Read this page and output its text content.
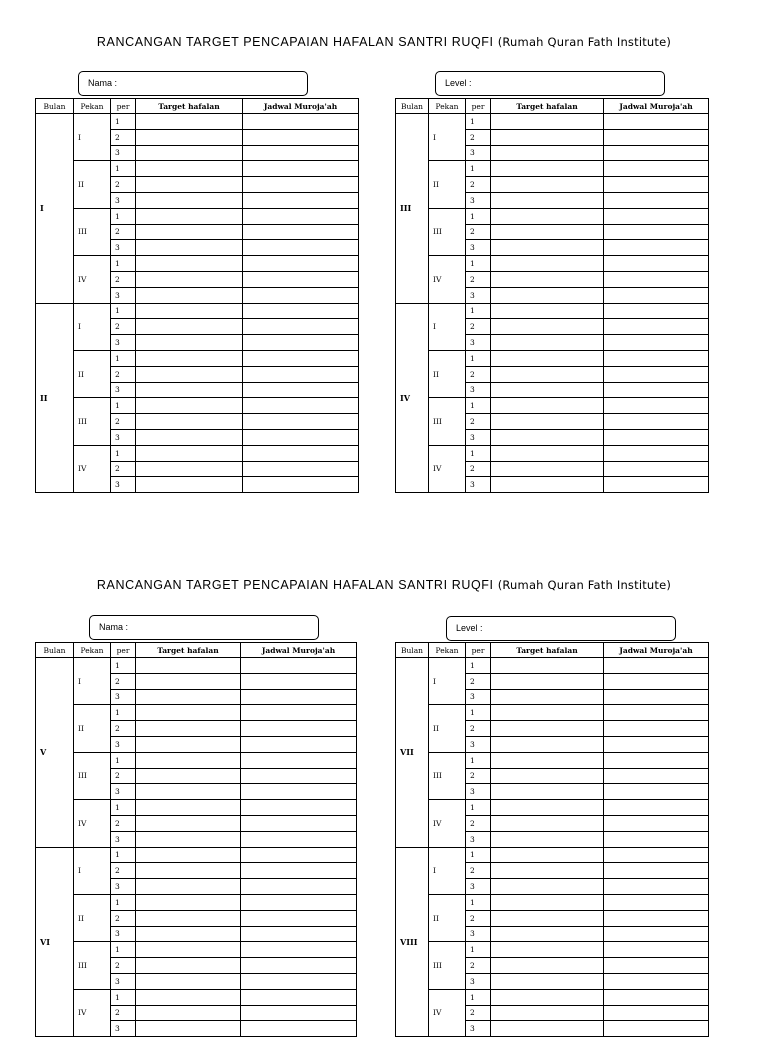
RANCANGAN TARGET PENCAPAIAN HAFALAN SANTRI RUQFI (Rumah Quran Fath Institute)
Nama :	Level :
Bulan	Pekan	per	Target hafalan	Jadwal Muroja'ah
I	I	1		
		2		
		3		
	II	1		
		2		
		3		
	III	1		
		2		
		3		
	IV	1		
		2		
		3		
II	I	1		
		2		
		3		
	II	1		
		2		
		3		
	III	1		
		2		
		3		
	IV	1		
		2		
		3		
Bulan	Pekan	per	Target hafalan	Jadwal Muroja'ah
III	I	1		
		2		
		3		
	II	1		
		2		
		3		
	III	1		
		2		
		3		
	IV	1		
		2		
		3		
IV	I	1		
		2		
		3		
	II	1		
		2		
		3		
	III	1		
		2		
		3		
	IV	1		
		2		
		3		
RANCANGAN TARGET PENCAPAIAN HAFALAN SANTRI RUQFI (Rumah Quran Fath Institute)
Nama :	Level :
Bulan	Pekan	per	Target hafalan	Jadwal Muroja'ah
V	I	1		
		2		
		3		
	II	1		
		2		
		3		
	III	1		
		2		
		3		
	IV	1		
		2		
		3		
VI	I	1		
		2		
		3		
	II	1		
		2		
		3		
	III	1		
		2		
		3		
	IV	1		
		2		
		3		
Bulan	Pekan	per	Target hafalan	Jadwal Muroja'ah
VII	I	1		
		2		
		3		
	II	1		
		2		
		3		
	III	1		
		2		
		3		
	IV	1		
		2		
		3		
VIII	I	1		
		2		
		3		
	II	1		
		2		
		3		
	III	1		
		2		
		3		
	IV	1		
		2		
		3		
